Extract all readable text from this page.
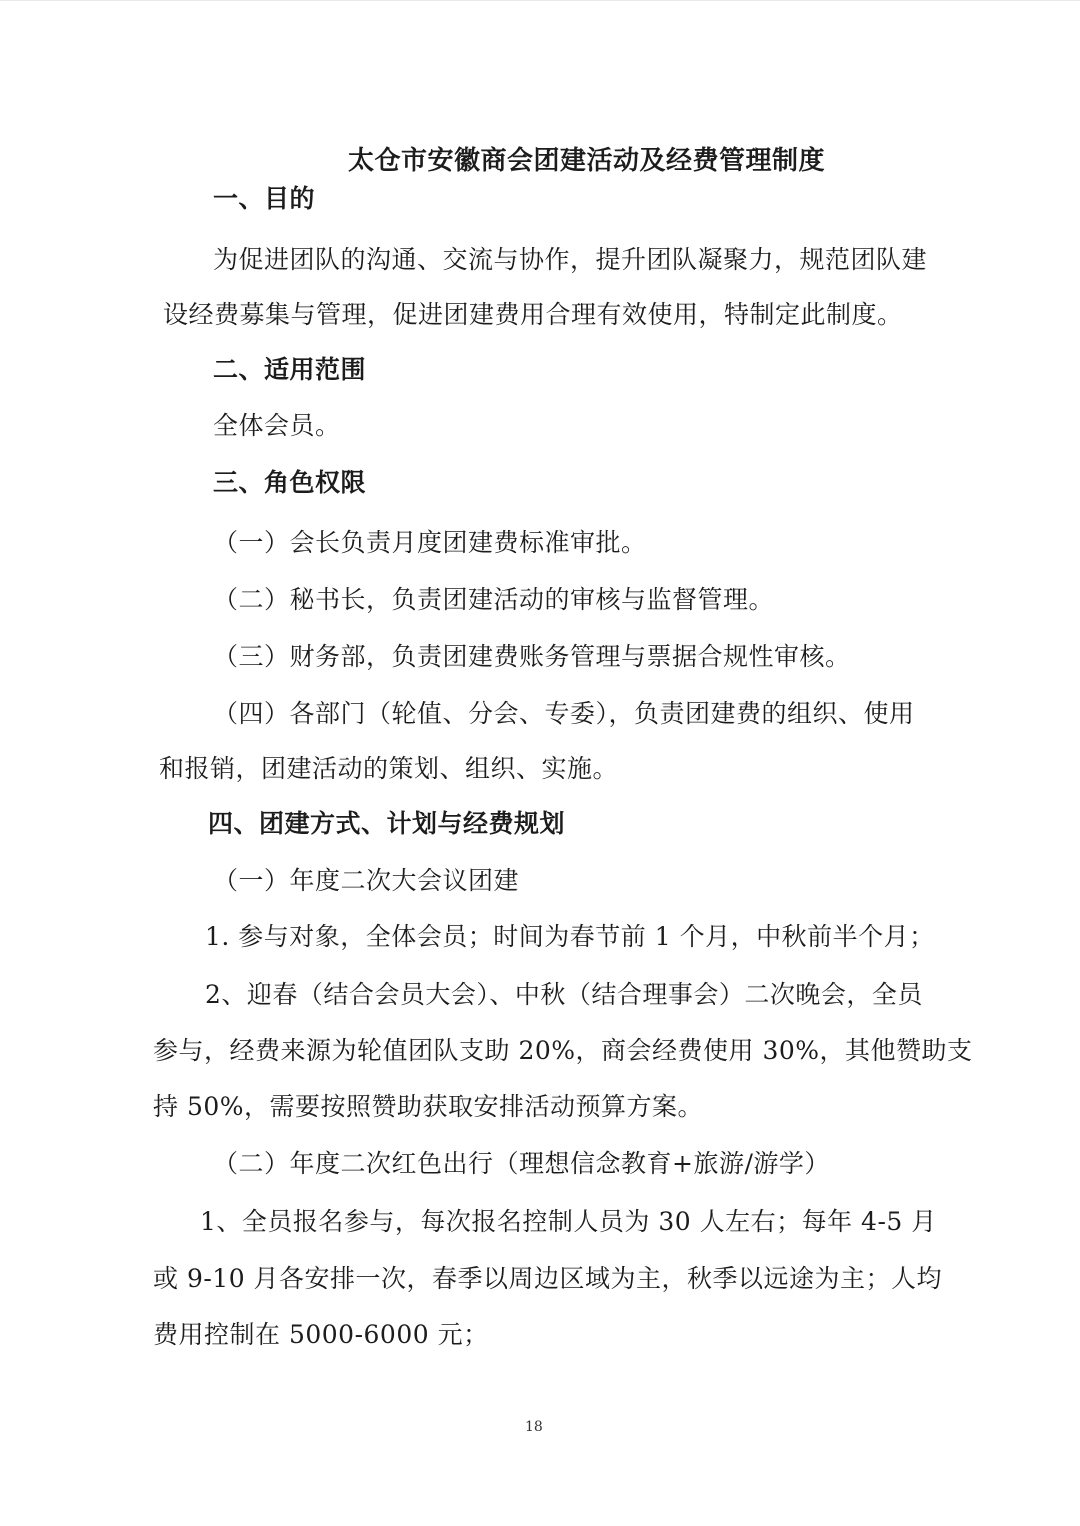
太仓市安徽商会团建活动及经费管理制度
一、目的
为促进团队的沟通、交流与协作，提升团队凝聚力，规范团队建
设经费募集与管理，促进团建费用合理有效使用，特制定此制度。
二、适用范围
全体会员。
三、角色权限
（一）会长负责月度团建费标准审批。
（二）秘书长，负责团建活动的审核与监督管理。
（三）财务部，负责团建费账务管理与票据合规性审核。
（四）各部门（轮值、分会、专委），负责团建费的组织、使用
和报销，团建活动的策划、组织、实施。
四、团建方式、计划与经费规划
（一）年度二次大会议团建
1. 参与对象，全体会员；时间为春节前 1 个月，中秋前半个月；
2、迎春（结合会员大会）、中秋（结合理事会）二次晚会，全员
参与，经费来源为轮值团队支助 20%，商会经费使用 30%，其他赞助支
持 50%，需要按照赞助获取安排活动预算方案。
（二）年度二次红色出行（理想信念教育+旅游/游学）
1、全员报名参与，每次报名控制人员为 30 人左右；每年 4-5 月
或 9-10 月各安排一次，春季以周边区域为主，秋季以远途为主；人均
费用控制在 5000-6000 元；
18
